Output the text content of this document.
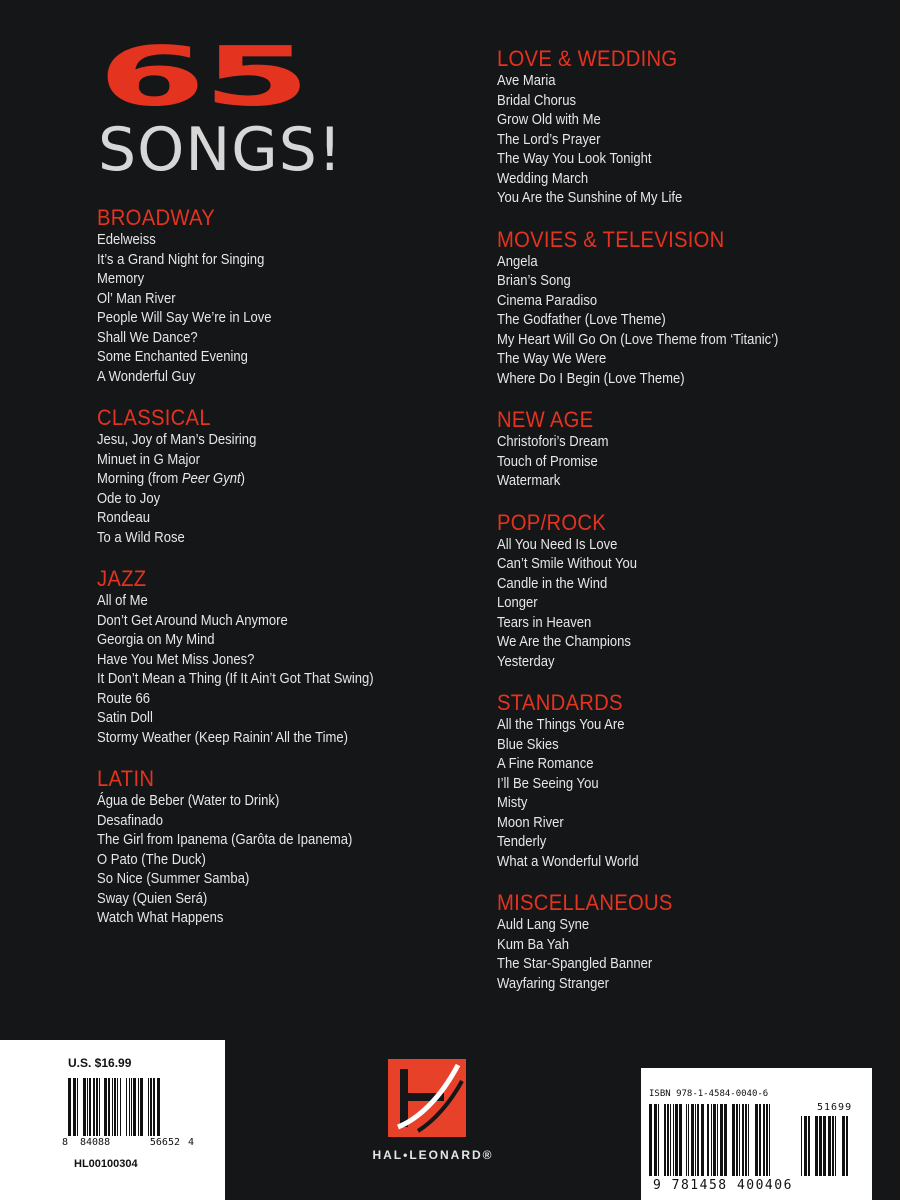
65
SONGS!
BROADWAY
Edelweiss
It’s a Grand Night for Singing
Memory
Ol’ Man River
People Will Say We’re in Love
Shall We Dance?
Some Enchanted Evening
A Wonderful Guy
CLASSICAL
Jesu, Joy of Man’s Desiring
Minuet in G Major
Morning (from Peer Gynt)
Ode to Joy
Rondeau
To a Wild Rose
JAZZ
All of Me
Don’t Get Around Much Anymore
Georgia on My Mind
Have You Met Miss Jones?
It Don’t Mean a Thing (If It Ain’t Got That Swing)
Route 66
Satin Doll
Stormy Weather (Keep Rainin’ All the Time)
LATIN
Água de Beber (Water to Drink)
Desafinado
The Girl from Ipanema (Garôta de Ipanema)
O Pato (The Duck)
So Nice (Summer Samba)
Sway (Quien Será)
Watch What Happens
LOVE & WEDDING
Ave Maria
Bridal Chorus
Grow Old with Me
The Lord’s Prayer
The Way You Look Tonight
Wedding March
You Are the Sunshine of My Life
MOVIES & TELEVISION
Angela
Brian’s Song
Cinema Paradiso
The Godfather (Love Theme)
My Heart Will Go On (Love Theme from ‘Titanic’)
The Way We Were
Where Do I Begin (Love Theme)
NEW AGE
Christofori’s Dream
Touch of Promise
Watermark
POP/ROCK
All You Need Is Love
Can’t Smile Without You
Candle in the Wind
Longer
Tears in Heaven
We Are the Champions
Yesterday
STANDARDS
All the Things You Are
Blue Skies
A Fine Romance
I’ll Be Seeing You
Misty
Moon River
Tenderly
What a Wonderful World
MISCELLANEOUS
Auld Lang Syne
Kum Ba Yah
The Star-Spangled Banner
Wayfaring Stranger
U.S. $16.99
8 84088	56652 4
HL00100304
HAL•LEONARD®
ISBN 978-1-4584-0040-6
51699
9 781458 400406
